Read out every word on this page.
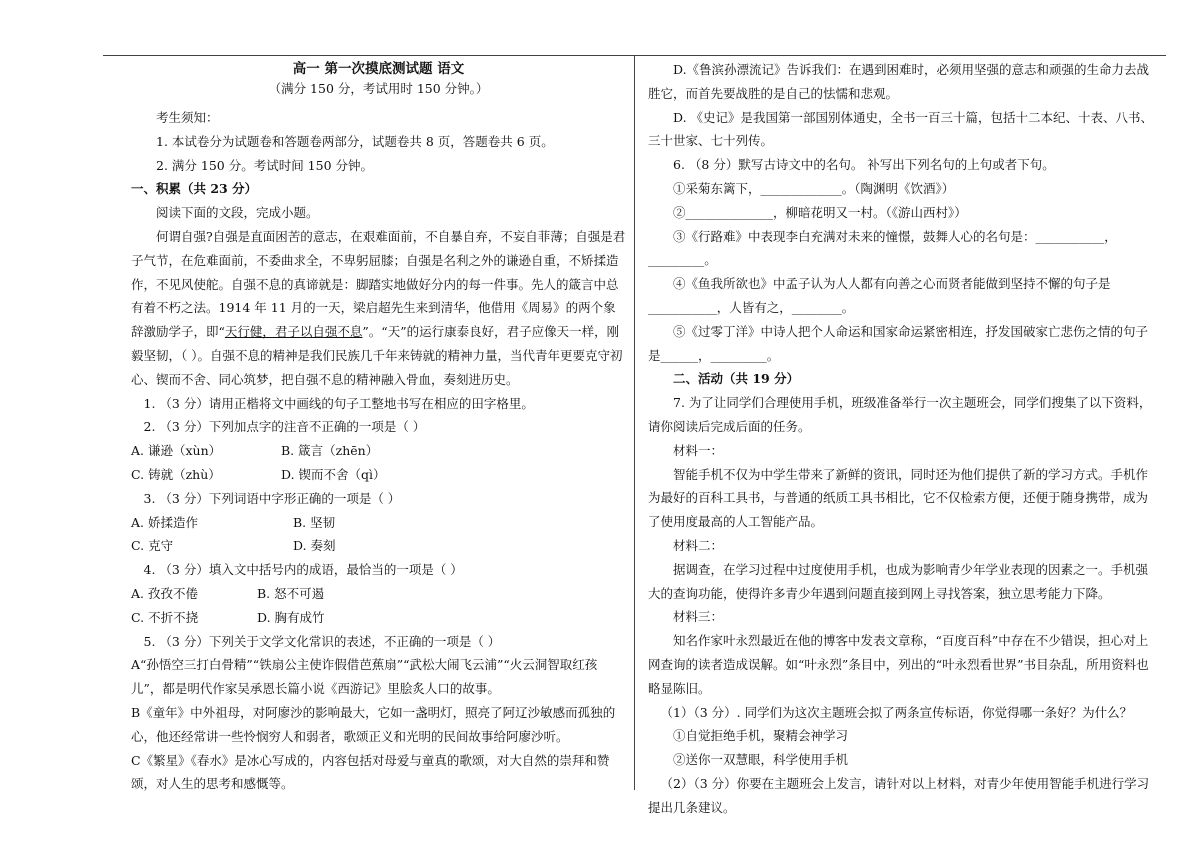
高一 第一次摸底测试题 语文
（满分 150 分，考试用时 150 分钟。）

考生须知：

1. 本试卷分为试题卷和答题卷两部分，试题卷共 8 页，答题卷共 6 页。

2. 满分 150 分。考试时间 150 分钟。

一、积累（共 23 分）

阅读下面的文段，完成小题。

何谓自强?自强是直面困苦的意志，在艰难面前，不自暴自弃，不妄自菲薄；自强是君子气节，在危难面前，不委曲求全，不卑躬屈膝；自强是名利之外的谦逊自重，不矫揉造作，不见风使舵。自强不息的真谛就是：脚踏实地做好分内的每一件事。先人的箴言中总有着不朽之法。1914 年 11 月的一天，梁启超先生来到清华，他借用《周易》的两个象辞激励学子，即“天行健，君子以自强不息”。“天”的运行康泰良好，君子应像天一样，刚毅坚韧，（ ）。自强不息的精神是我们民族几千年来铸就的精神力量，当代青年更要克守初心、锲而不舍、同心筑梦，把自强不息的精神融入骨血，奏刻进历史。

1. （3 分）请用正楷将文中画线的句子工整地书写在相应的田字格里。

2. （3 分）下列加点字的注音不正确的一项是（ ）

A. 谦逊（xùn）	B. 箴言（zhēn）
C. 铸就（zhù）	D. 锲而不舍（qì）

3. （3 分）下列词语中字形正确的一项是（ ）

A. 娇揉造作	B. 坚韧
C. 克守	D. 奏刻

4. （3 分）填入文中括号内的成语，最恰当的一项是（ ）

A. 孜孜不倦	B. 怒不可遏
C. 不折不挠	D. 胸有成竹

5. （3 分）下列关于文学文化常识的表述，不正确的一项是（ ）

A“孙悟空三打白骨精”“铁扇公主使诈假借芭蕉扇”“武松大闹飞云浦”“火云洞智取红孩儿”，都是明代作家吴承恩长篇小说《西游记》里脍炙人口的故事。

B《童年》中外祖母，对阿廖沙的影响最大，它如一盏明灯，照亮了阿辽沙敏感而孤独的心，他还经常讲一些怜悯穷人和弱者，歌颂正义和光明的民间故事给阿廖沙听。

C《繁星》《春水》是冰心写成的，内容包括对母爱与童真的歌颂，对大自然的崇拜和赞颂，对人生的思考和感慨等。

D.《鲁滨孙漂流记》告诉我们：在遇到困难时，必须用坚强的意志和顽强的生命力去战胜它，而首先要战胜的是自己的怯懦和悲观。

D. 《史记》是我国第一部国别体通史，全书一百三十篇，包括十二本纪、十表、八书、三十世家、七十列传。

6. （8 分）默写古诗文中的名句。 补写出下列名句的上句或者下句。

①采菊东篱下，_____________。（陶渊明《饮酒》）

②______________，柳暗花明又一村。（《游山西村》）

③《行路难》中表现李白充满对未来的憧憬，鼓舞人心的名句是：___________，_________。

④《鱼我所欲也》中孟子认为人人都有向善之心而贤者能做到坚持不懈的句子是___________，人皆有之，________。

⑤《过零丁洋》中诗人把个人命运和国家命运紧密相连，抒发国破家亡悲伤之情的句子是______，_________。

二、活动（共 19 分）

7. 为了让同学们合理使用手机，班级准备举行一次主题班会，同学们搜集了以下资料，请你阅读后完成后面的任务。

材料一：

智能手机不仅为中学生带来了新鲜的资讯，同时还为他们提供了新的学习方式。手机作为最好的百科工具书，与普通的纸质工具书相比，它不仅检索方便，还便于随身携带，成为了使用度最高的人工智能产品。

材料二：

据调查，在学习过程中过度使用手机，也成为影响青少年学业表现的因素之一。手机强大的查询功能，使得许多青少年遇到问题直接到网上寻找答案，独立思考能力下降。

材料三：

知名作家叶永烈最近在他的博客中发表文章称，“百度百科”中存在不少错误，担心对上网查询的读者造成误解。如“叶永烈”条目中，列出的“叶永烈看世界”书目杂乱，所用资料也略显陈旧。

（1）（3 分）. 同学们为这次主题班会拟了两条宣传标语，你觉得哪一条好？为什么？

①自觉拒绝手机，聚精会神学习

②送你一双慧眼，科学使用手机

（2）（3 分）你要在主题班会上发言，请针对以上材料，对青少年使用智能手机进行学习提出几条建议。
